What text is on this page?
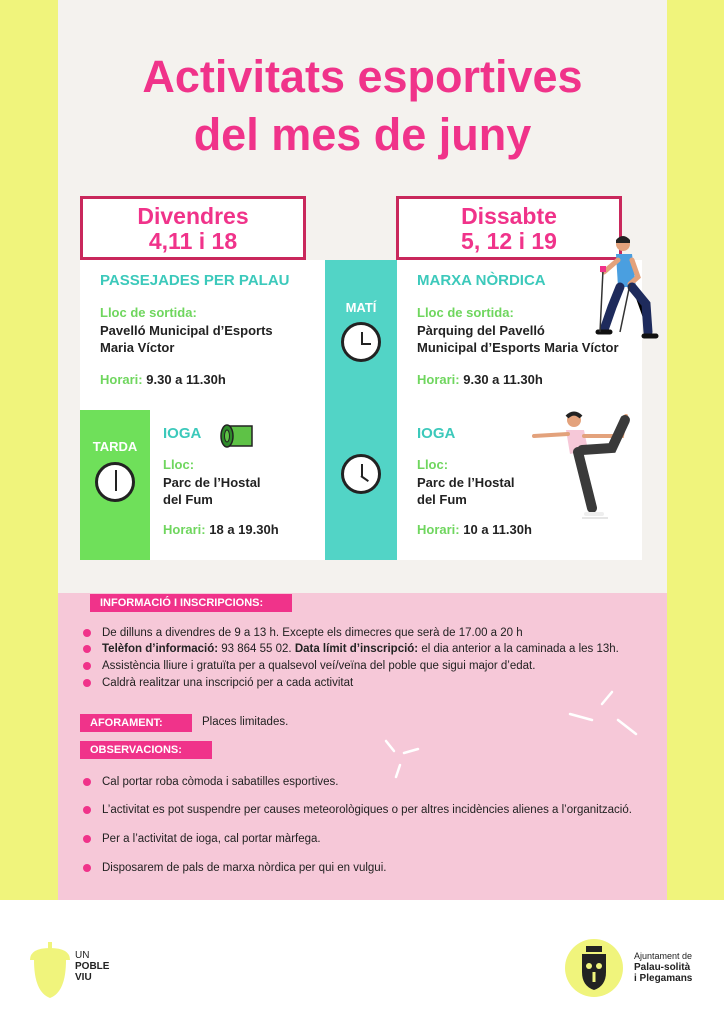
Activitats esportives
del mes de juny
Divendres
4,11 i 18
Dissabte
5, 12 i 19
MATÍ
TARDA
PASSEJADES PER PALAU
Lloc de sortida:
Pavelló Municipal d’Esports
Maria Víctor
Horari: 9.30 a 11.30h
IOGA
Lloc:
Parc de l’Hostal
del Fum
Horari: 18 a 19.30h
MARXA NÒRDICA
Lloc de sortida:
Pàrquing del Pavelló
Municipal d’Esports Maria Víctor
Horari: 9.30 a 11.30h
IOGA
Lloc:
Parc de l’Hostal
del Fum
Horari: 10 a 11.30h
INFORMACIÓ I INSCRIPCIONS:
De dilluns a divendres de 9 a 13 h. Excepte els dimecres que serà de 17.00 a 20 h
Telèfon d’informació: 93 864 55 02. Data límit d’inscripció: el dia anterior a la caminada a les 13h.
Assistència lliure i gratuïta per a qualsevol veí/veïna del poble que sigui major d’edat.
Caldrà realitzar una inscripció per a cada activitat
AFORAMENT:	Places limitades.
OBSERVACIONS:
Cal portar roba còmoda i sabatilles esportives.
L’activitat es pot suspendre per causes meteorològiques o per altres incidències alienes a l’organització.
Per a l’activitat de ioga, cal portar màrfega.
Disposarem de pals de marxa nòrdica per qui en vulgui.
UN
POBLE
VIU
Ajuntament de
Palau-solità
i Plegamans
